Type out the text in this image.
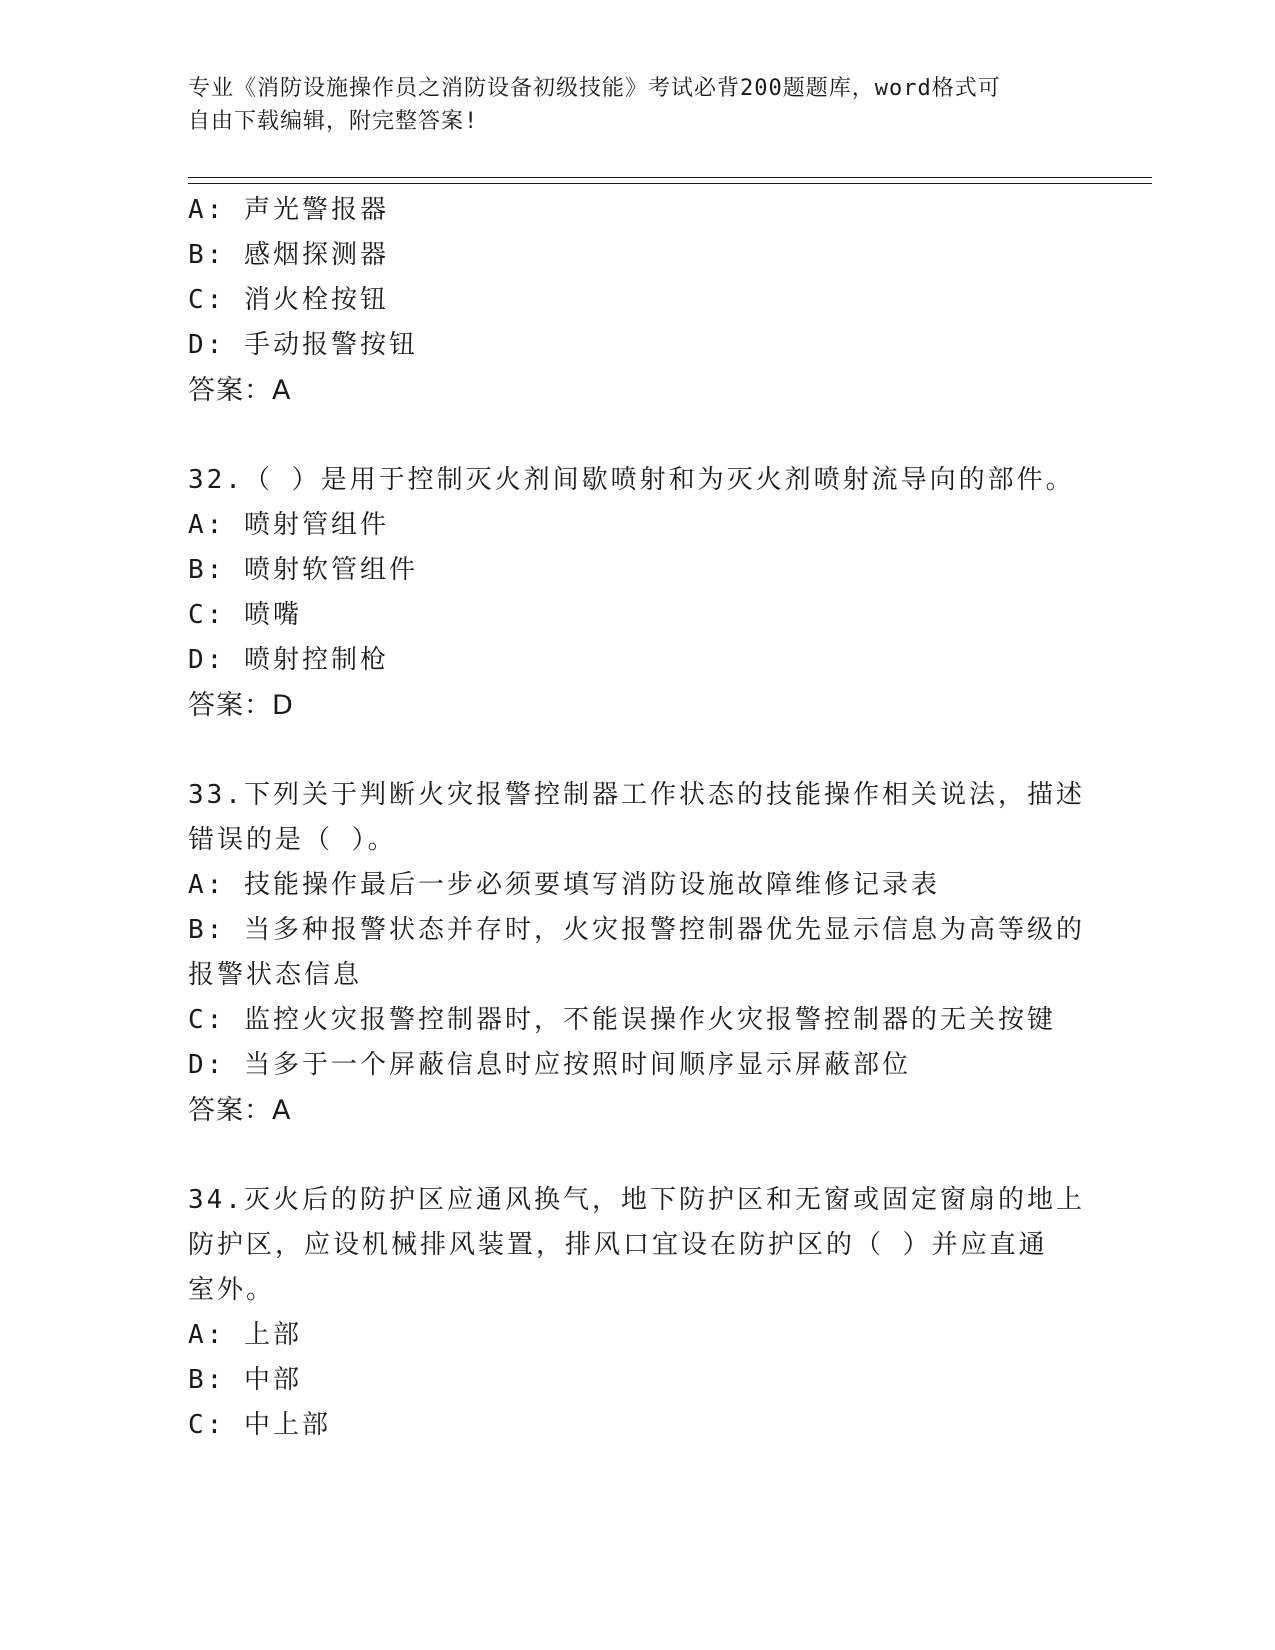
专业《消防设施操作员之消防设备初级技能》考试必背200题题库，word格式可
自由下载编辑，附完整答案!
A: 声光警报器
B: 感烟探测器
C: 消火栓按钮
D: 手动报警按钮
答案：A
32.（ ）是用于控制灭火剂间歇喷射和为灭火剂喷射流导向的部件。
A: 喷射管组件
B: 喷射软管组件
C: 喷嘴
D: 喷射控制枪
答案：D
33.下列关于判断火灾报警控制器工作状态的技能操作相关说法，描述
错误的是（ ）。
A: 技能操作最后一步必须要填写消防设施故障维修记录表
B: 当多种报警状态并存时，火灾报警控制器优先显示信息为高等级的
报警状态信息
C: 监控火灾报警控制器时，不能误操作火灾报警控制器的无关按键
D: 当多于一个屏蔽信息时应按照时间顺序显示屏蔽部位
答案：A
34.灭火后的防护区应通风换气，地下防护区和无窗或固定窗扇的地上
防护区，应设机械排风装置，排风口宜设在防护区的（ ）并应直通
室外。
A: 上部
B: 中部
C: 中上部
